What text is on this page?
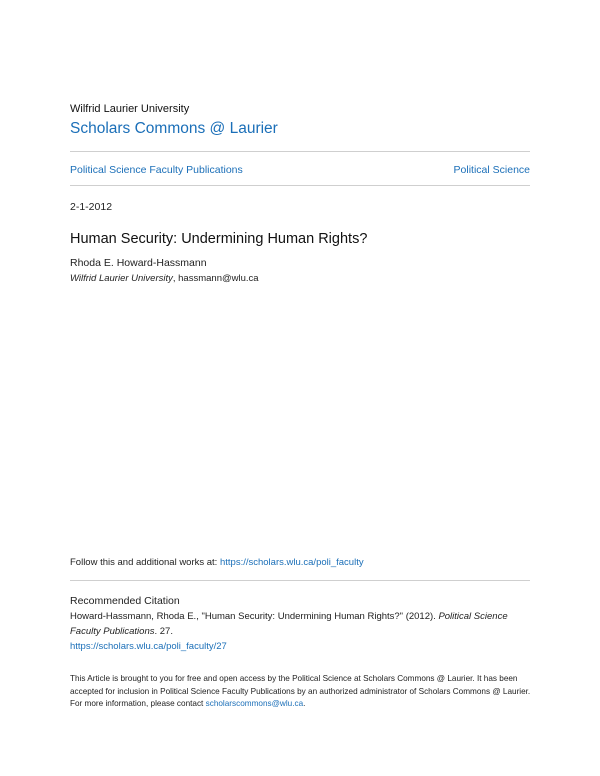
Wilfrid Laurier University
Scholars Commons @ Laurier
Political Science Faculty Publications	Political Science
2-1-2012
Human Security: Undermining Human Rights?
Rhoda E. Howard-Hassmann
Wilfrid Laurier University, hassmann@wlu.ca
Follow this and additional works at: https://scholars.wlu.ca/poli_faculty
Recommended Citation
Howard-Hassmann, Rhoda E., "Human Security: Undermining Human Rights?" (2012). Political Science Faculty Publications. 27.
https://scholars.wlu.ca/poli_faculty/27
This Article is brought to you for free and open access by the Political Science at Scholars Commons @ Laurier. It has been accepted for inclusion in Political Science Faculty Publications by an authorized administrator of Scholars Commons @ Laurier. For more information, please contact scholarscommons@wlu.ca.
